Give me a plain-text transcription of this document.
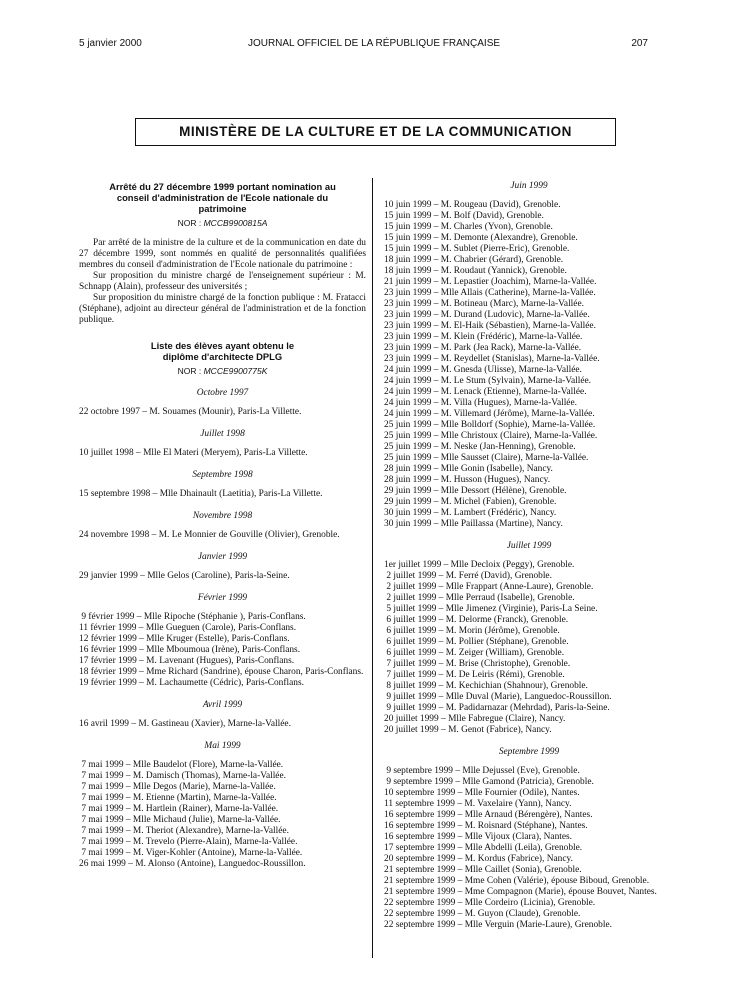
5 janvier 2000	JOURNAL OFFICIEL DE LA RÉPUBLIQUE FRANÇAISE	207
MINISTÈRE DE LA CULTURE ET DE LA COMMUNICATION
Arrêté du 27 décembre 1999 portant nomination au conseil d'administration de l'Ecole nationale du patrimoine
NOR : MCCB9900815A

Par arrêté de la ministre de la culture et de la communication en date du 27 décembre 1999, sont nommés en qualité de personnalités qualifiées membres du conseil d'administration de l'Ecole nationale du patrimoine :

Sur proposition du ministre chargé de l'enseignement supérieur : M. Schnapp (Alain), professeur des universités ;

Sur proposition du ministre chargé de la fonction publique : M. Fratacci (Stéphane), adjoint au directeur général de l'administration et de la fonction publique.

Liste des élèves ayant obtenu le diplôme d'architecte DPLG
NOR : MCCE9900775K
Octobre 1997
22 octobre 1997 – M. Souames (Mounir), Paris-La Villette.
Juillet 1998
10 juillet 1998 – Mlle El Materi (Meryem), Paris-La Villette.
Septembre 1998
15 septembre 1998 – Mlle Dhainault (Laetitia), Paris-La Villette.
Novembre 1998
24 novembre 1998 – M. Le Monnier de Gouville (Olivier), Grenoble.
Janvier 1999
29 janvier 1999 – Mlle Gelos (Caroline), Paris-la-Seine.
Février 1999
9 février 1999 – Mlle Ripoche (Stéphanie ), Paris-Conflans.
11 février 1999 – Mlle Gueguen (Carole), Paris-Conflans.
12 février 1999 – Mlle Kruger (Estelle), Paris-Conflans.
16 février 1999 – Mlle Mboumoua (Irène), Paris-Conflans.
17 février 1999 – M. Lavenant (Hugues), Paris-Conflans.
18 février 1999 – Mme Richard (Sandrine), épouse Charon, Paris-Conflans.
19 février 1999 – M. Lachaumette (Cédric), Paris-Conflans.
Avril 1999
16 avril 1999 – M. Gastineau (Xavier), Marne-la-Vallée.
Mai 1999
7 mai 1999 – Mlle Baudelot (Flore), Marne-la-Vallée.
7 mai 1999 – M. Damisch (Thomas), Marne-la-Vallée.
7 mai 1999 – Mlle Degos (Marie), Marne-la-Vallée.
7 mai 1999 – M. Etienne (Martin), Marne-la-Vallée.
7 mai 1999 – M. Hartlein (Rainer), Marne-la-Vallée.
7 mai 1999 – Mlle Michaud (Julie), Marne-la-Vallée.
7 mai 1999 – M. Theriot (Alexandre), Marne-la-Vallée.
7 mai 1999 – M. Trevelo (Pierre-Alain), Marne-la-Vallée.
7 mai 1999 – M. Viger-Kohler (Antoine), Marne-la-Vallée.
26 mai 1999 – M. Alonso (Antoine), Languedoc-Roussillon.
Juin 1999
10 juin 1999 – M. Rougeau (David), Grenoble.
15 juin 1999 – M. Bolf (David), Grenoble.
15 juin 1999 – M. Charles (Yvon), Grenoble.
15 juin 1999 – M. Demonte (Alexandre), Grenoble.
15 juin 1999 – M. Sublet (Pierre-Eric), Grenoble.
18 juin 1999 – M. Chabrier (Gérard), Grenoble.
18 juin 1999 – M. Roudaut (Yannick), Grenoble.
21 juin 1999 – M. Lepastier (Joachim), Marne-la-Vallée.
23 juin 1999 – Mlle Allais (Catherine), Marne-la-Vallée.
23 juin 1999 – M. Botineau (Marc), Marne-la-Vallée.
23 juin 1999 – M. Durand (Ludovic), Marne-la-Vallée.
23 juin 1999 – M. El-Haik (Sébastien), Marne-la-Vallée.
23 juin 1999 – M. Klein (Frédéric), Marne-la-Vallée.
23 juin 1999 – M. Park (Jea Rack), Marne-la-Vallée.
23 juin 1999 – M. Reydellet (Stanislas), Marne-la-Vallée.
24 juin 1999 – M. Gnesda (Ulisse), Marne-la-Vallée.
24 juin 1999 – M. Le Stum (Sylvain), Marne-la-Vallée.
24 juin 1999 – M. Lenack (Etienne), Marne-la-Vallée.
24 juin 1999 – M. Villa (Hugues), Marne-la-Vallée.
24 juin 1999 – M. Villemard (Jérôme), Marne-la-Vallée.
25 juin 1999 – Mlle Bolldorf (Sophie), Marne-la-Vallée.
25 juin 1999 – Mlle Christoux (Claire), Marne-la-Vallée.
25 juin 1999 – M. Neske (Jan-Henning), Grenoble.
25 juin 1999 – Mlle Sausset (Claire), Marne-la-Vallée.
28 juin 1999 – Mlle Gonin (Isabelle), Nancy.
28 juin 1999 – M. Husson (Hugues), Nancy.
29 juin 1999 – Mlle Dessort (Hélène), Grenoble.
29 juin 1999 – M. Michel (Fabien), Grenoble.
30 juin 1999 – M. Lambert (Frédéric), Nancy.
30 juin 1999 – Mlle Paillassa (Martine), Nancy.
Juillet 1999
1er juillet 1999 – Mlle Decloix (Peggy), Grenoble.
2 juillet 1999 – M. Ferré (David), Grenoble.
2 juillet 1999 – Mlle Frappart (Anne-Laure), Grenoble.
2 juillet 1999 – Mlle Perraud (Isabelle), Grenoble.
5 juillet 1999 – Mlle Jimenez (Virginie), Paris-La Seine.
6 juillet 1999 – M. Delorme (Franck), Grenoble.
6 juillet 1999 – M. Morin (Jérôme), Grenoble.
6 juillet 1999 – M. Pollier (Stéphane), Grenoble.
6 juillet 1999 – M. Zeiger (William), Grenoble.
7 juillet 1999 – M. Brise (Christophe), Grenoble.
7 juillet 1999 – M. De Leiris (Rémi), Grenoble.
8 juillet 1999 – M. Kechichian (Shahnour), Grenoble.
9 juillet 1999 – Mlle Duval (Marie), Languedoc-Roussillon.
9 juillet 1999 – M. Padidarnazar (Mehrdad), Paris-la-Seine.
20 juillet 1999 – Mlle Fabregue (Claire), Nancy.
20 juillet 1999 – M. Genot (Fabrice), Nancy.
Septembre 1999
9 septembre 1999 – Mlle Dejussel (Eve), Grenoble.
9 septembre 1999 – Mlle Gamond (Patricia), Grenoble.
10 septembre 1999 – Mlle Fournier (Odile), Nantes.
11 septembre 1999 – M. Vaxelaire (Yann), Nancy.
16 septembre 1999 – Mlle Arnaud (Bérengère), Nantes.
16 septembre 1999 – M. Roisnard (Stéphane), Nantes.
16 septembre 1999 – Mlle Vijoux (Clara), Nantes.
17 septembre 1999 – Mlle Abdelli (Leila), Grenoble.
20 septembre 1999 – M. Kordus (Fabrice), Nancy.
21 septembre 1999 – Mlle Caillet (Sonia), Grenoble.
21 septembre 1999 – Mme Cohen (Valérie), épouse Biboud, Grenoble.
21 septembre 1999 – Mme Compagnon (Marie), épouse Bouvet, Nantes.
22 septembre 1999 – Mlle Cordeiro (Licinia), Grenoble.
22 septembre 1999 – M. Guyon (Claude), Grenoble.
22 septembre 1999 – Mlle Verguin (Marie-Laure), Grenoble.
